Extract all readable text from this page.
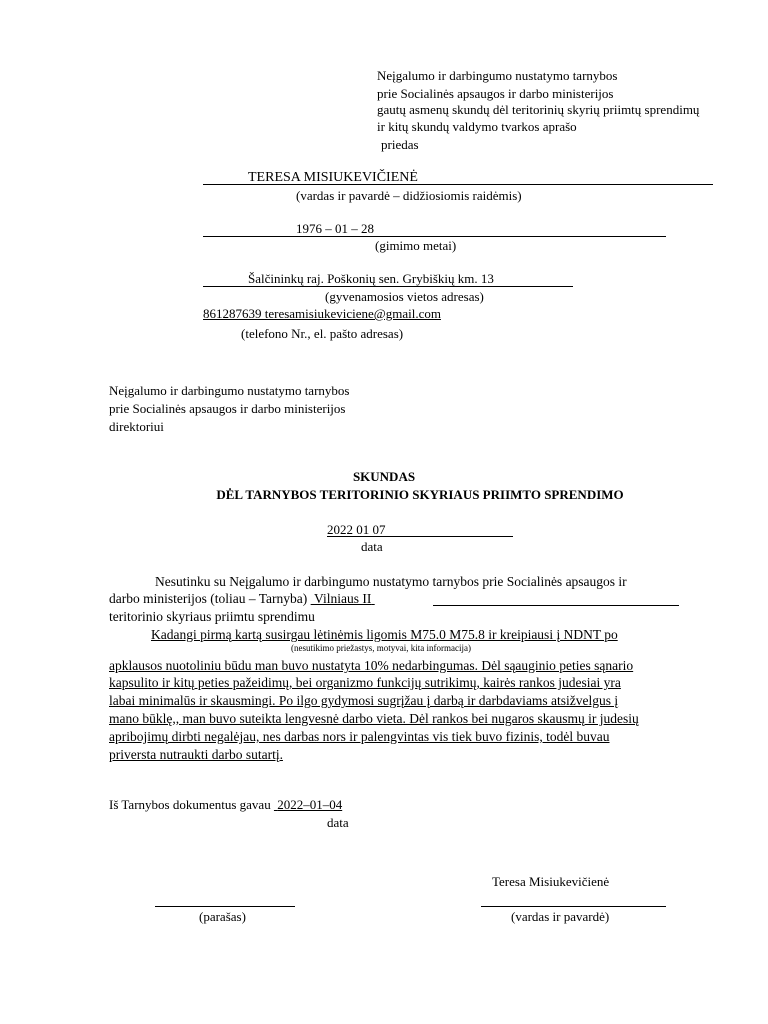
Neįgalumo ir darbingumo nustatymo tarnybos
prie Socialinės apsaugos ir darbo ministerijos
gautų asmenų skundų dėl teritorinių skyrių priimtų sprendimų
ir kitų skundų valdymo tvarkos aprašo
priedas
TERESA MISIUKEVIČIENĖ
(vardas ir pavardė – didžiosiomis raidėmis)
1976 – 01 – 28
(gimimo metai)
Šalčininkų raj. Poškonių sen. Grybiškių km. 13
(gyvenamosios vietos adresas)
861287639 teresamisiukeviciene@gmail.com
(telefono Nr., el. pašto adresas)
Neįgalumo ir darbingumo nustatymo tarnybos
prie Socialinės apsaugos ir darbo ministerijos
direktoriui
SKUNDAS
DĖL TARNYBOS TERITORINIO SKYRIAUS PRIIMTO SPRENDIMO
2022 01 07
data
Nesutinku su Neįgalumo ir darbingumo nustatymo tarnybos prie Socialinės apsaugos ir
darbo ministerijos (toliau – Tarnyba)  Vilniaus II
teritorinio skyriaus priimtu sprendimu
Kadangi pirmą kartą susirgau lėtinėmis ligomis M75.0 M75.8 ir kreipiausi į NDNT po
(nesutikimo priežastys, motyvai, kita informacija)
apklausos nuotoliniu būdu man buvo nustatyta 10% nedarbingumas. Dėl sąauginio peties sąnario
kapsulito ir kitų peties pažeidimų, bei organizmo funkcijų sutrikimų, kairės rankos judesiai yra
labai minimalūs ir skausmingi. Po ilgo gydymosi sugrįžau į darbą ir darbdaviams atsižvelgus į
mano būklę,, man buvo suteikta lengvesnė darbo vieta. Dėl rankos bei nugaros skausmų ir judesių
apribojimų dirbti negalėjau, nes darbas nors ir palengvintas vis tiek buvo fizinis, todėl buvau
priversta nutraukti darbo sutartį.
Iš Tarnybos dokumentus gavau  2022–01–04
data
Teresa Misiukevičienė
(parašas)	(vardas ir pavardė)
